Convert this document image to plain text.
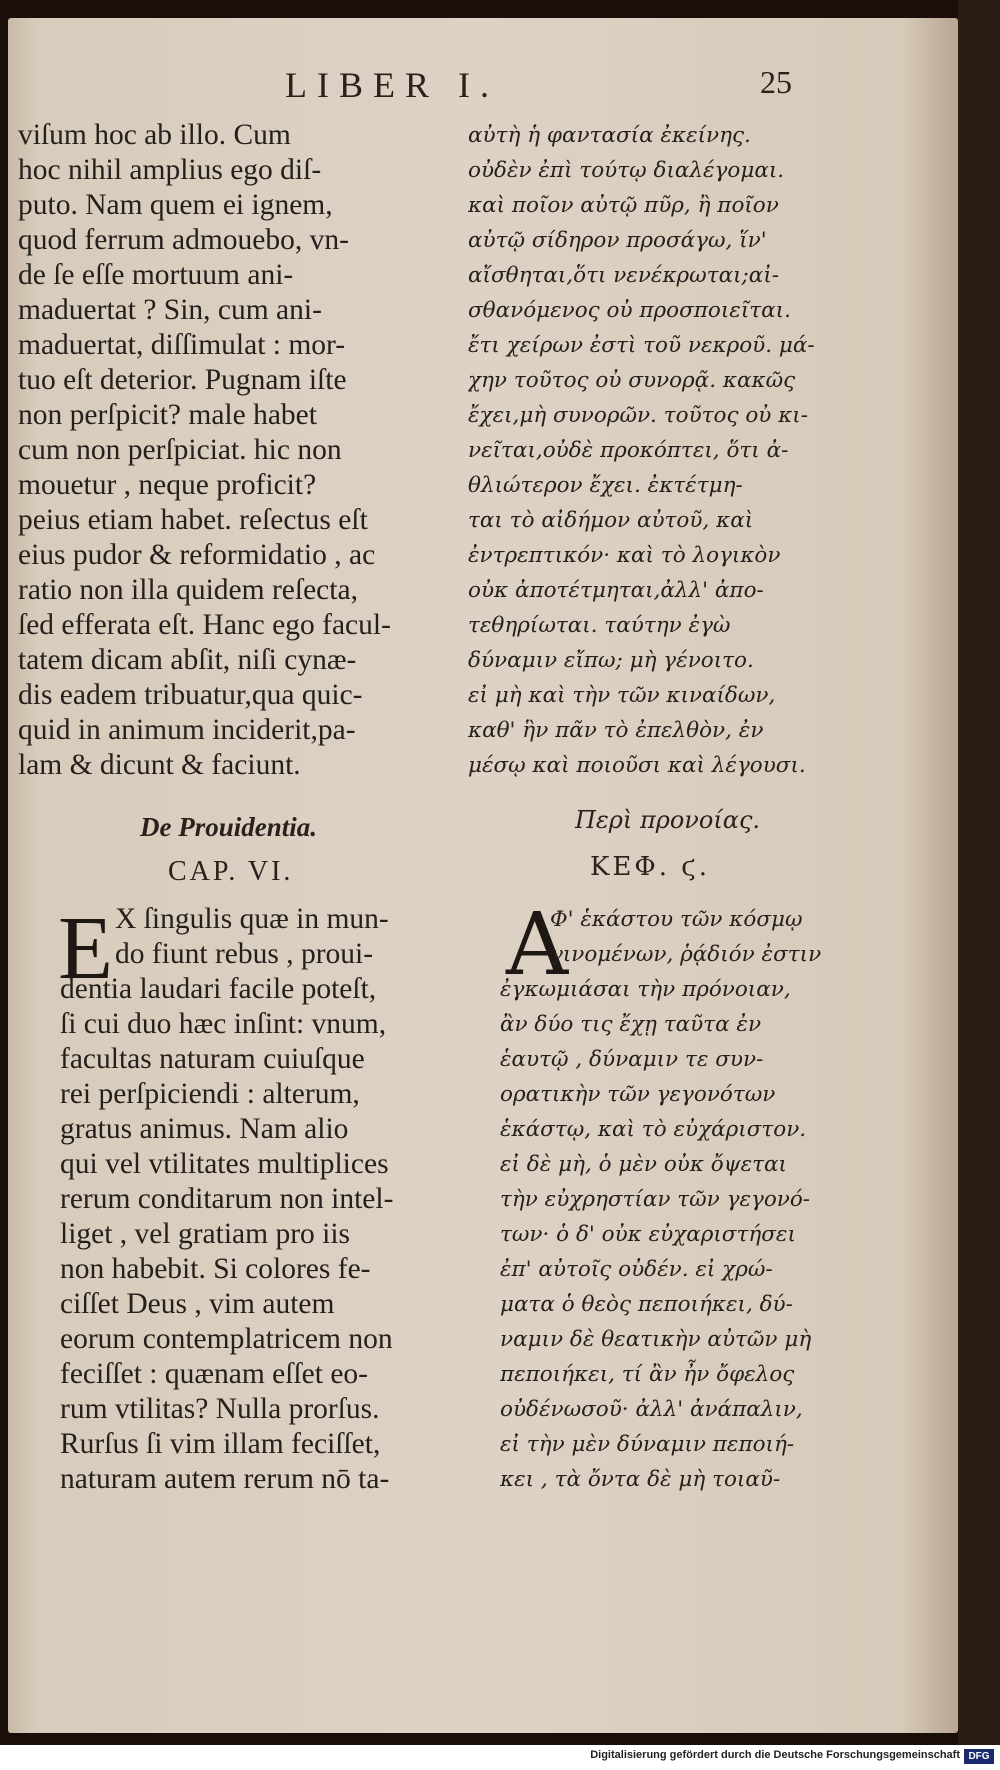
LIBER I.	25
viſum hoc ab illo. Cum
hoc nihil amplius ego diſ-
puto. Nam quem ei ignem,
quod ferrum admouebo, vn-
de ſe eſſe mortuum ani-
maduertat ? Sin, cum ani-
maduertat, diſſimulat : mor-
tuo eſt deterior. Pugnam iſte
non perſpicit? male habet
cum non perſpiciat. hic non
mouetur , neque proficit?
peius etiam habet. reſectus eſt
eius pudor & reformidatio , ac
ratio non illa quidem reſecta,
ſed efferata eſt. Hanc ego facul-
tatem dicam abſit, niſi cynæ-
dis eadem tribuatur,qua quic-
quid in animum inciderit,pa-
lam & dicunt & faciunt.
αὐτὴ ἡ φαντασία ἐκείνης.
οὐδὲν ἐπὶ τούτῳ διαλέγομαι.
καὶ ποῖον αὐτῷ πῦρ, ἢ ποῖον
αὐτῷ σίδηρον προσάγω, ἵν'
αἴσθηται,ὅτι νενέκρωται;αἰ-
σθανόμενος οὐ προσποιεῖται.
ἔτι χείρων ἐστὶ τοῦ νεκροῦ. μά-
χην τοῦτος οὐ συνορᾷ. κακῶς
ἔχει,μὴ συνορῶν. τοῦτος οὐ κι-
νεῖται,οὐδὲ προκόπτει, ὅτι ἀ-
θλιώτερον ἔχει. ἐκτέτμη-
ται τὸ αἰδήμον αὐτοῦ, καὶ
ἐντρεπτικόν· καὶ τὸ λογικὸν
οὐκ ἀποτέτμηται,ἀλλ' ἀπο-
τεθηρίωται. ταύτην ἐγὼ
δύναμιν εἴπω; μὴ γένοιτο.
εἰ μὴ καὶ τὴν τῶν κιναίδων,
καθ' ἣν πᾶν τὸ ἐπελθὸν, ἐν
μέσῳ καὶ ποιοῦσι καὶ λέγουσι.
De Prouidentia.	Περὶ προνοίας.
CAP. VI.	ΚΕΦ. ϛ.
E	Α
X ſingulis quæ in mun-
do fiunt rebus , proui-
dentia laudari facile poteſt,
ſi cui duo hæc inſint: vnum,
facultas naturam cuiuſque
rei perſpiciendi : alterum,
gratus animus. Nam alio
qui vel vtilitates multiplices
rerum conditarum non intel-
liget , vel gratiam pro iis
non habebit. Si colores fe-
ciſſet Deus , vim autem
eorum contemplatricem non
feciſſet : quænam eſſet eo-
rum vtilitas? Nulla prorſus.
Rurſus ſi vim illam feciſſet,
naturam autem rerum nō ta-
Φ' ἑκάστου τῶν κόσμῳ
γινομένων, ῥᾴδιόν ἐστιν
ἐγκωμιάσαι τὴν πρόνοιαν,
ἂν δύο τις ἔχῃ ταῦτα ἐν
ἑαυτῷ , δύναμιν τε συν-
ορατικὴν τῶν γεγονότων
ἑκάστῳ, καὶ τὸ εὐχάριστον.
εἰ δὲ μὴ, ὁ μὲν οὐκ ὄψεται
τὴν εὐχρηστίαν τῶν γεγονό-
των· ὁ δ' οὐκ εὐχαριστήσει
ἐπ' αὐτοῖς οὐδέν. εἰ χρώ-
ματα ὁ θεὸς πεποιήκει, δύ-
ναμιν δὲ θεατικὴν αὐτῶν μὴ
πεποιήκει, τί ἂν ἦν ὄφελος
οὐδένωσοῦ· ἀλλ' ἀνάπαλιν,
εἰ τὴν μὲν δύναμιν πεποιή-
κει , τὰ ὄντα δὲ μὴ τοιαῦ-
Digitalisierung gefördert durch die Deutsche Forschungsgemeinschaft DFG
